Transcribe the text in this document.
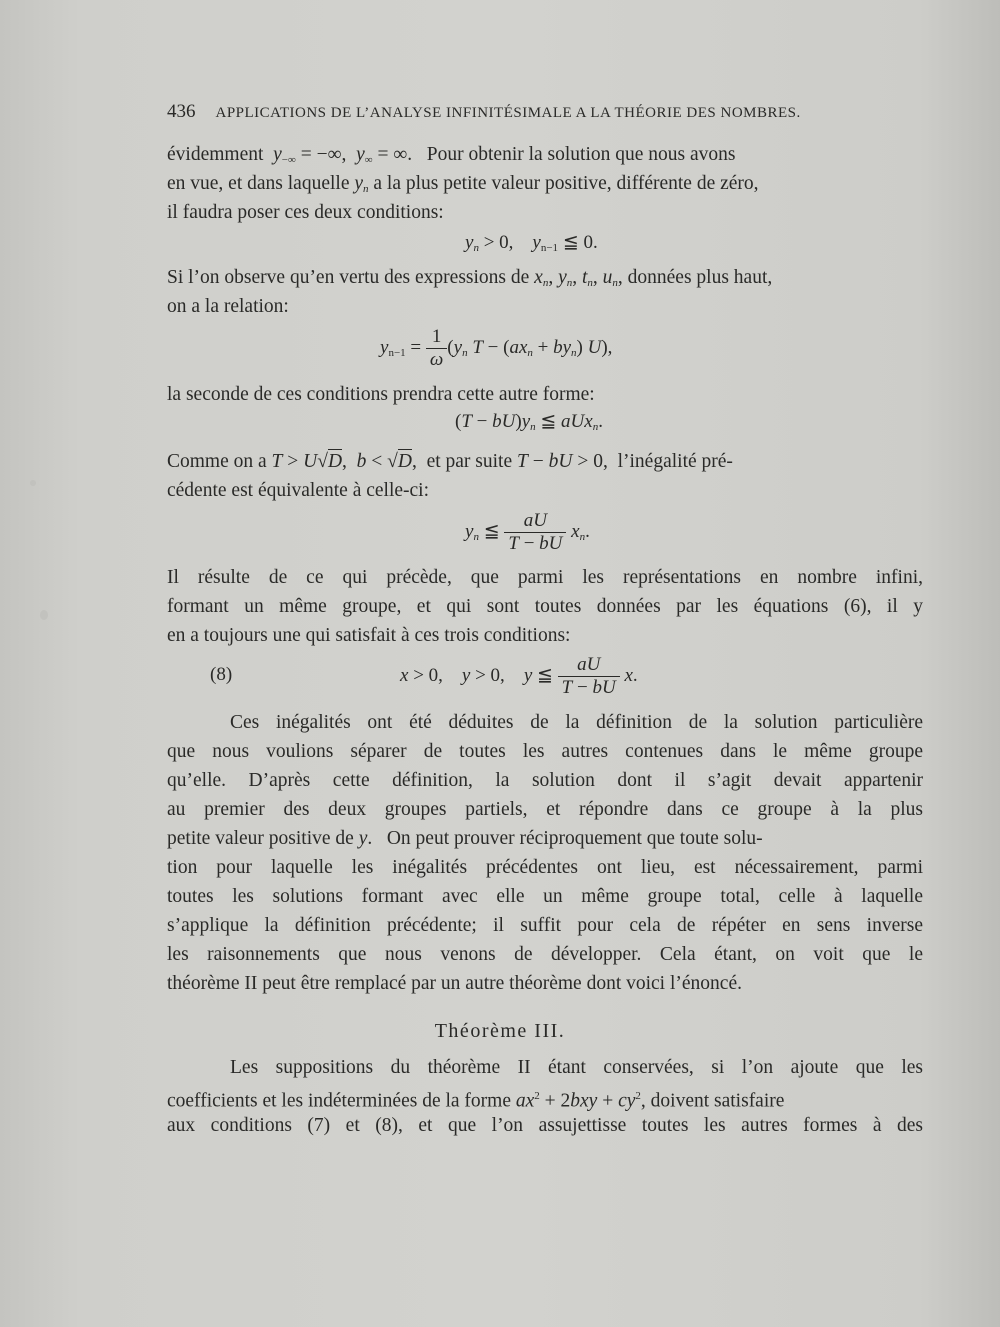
436 APPLICATIONS DE L’ANALYSE INFINITÉSIMALE A LA THÉORIE DES NOMBRES.
évidemment $y_{-\infty}$ = −∞,  $y_\infty$ = ∞.   Pour obtenir la solution que nous avons
en vue, et dans laquelle $y_n$ a la plus petite valeur positive, différente de zéro,
il faudra poser ces deux conditions:
$y_n > 0$,    $y_{n-1}$ ≦ 0.
Si l’on observe qu’en vertu des expressions de $x_n$, $y_n$, $t_n$, $u_n$, données plus haut,
on a la relation:
$y_{n-1} = \frac{1}{\omega} (y_n$ $T - (ax_n + by_n)$ U),
la seconde de ces conditions prendra cette autre forme:
$(T - bU)y_n$ ≦ aUx$_n$.
Comme on a T > U√D,  b < √D,  et par suite T − bU > 0,  l’inégalité pré-
cédente est équivalente à celle-ci:
$y_n$ ≦ $\frac{aU}{T - bU} x_n$.
Il résulte de ce qui précède, que parmi les représentations en nombre infini,
formant un même groupe, et qui sont toutes données par les équations (6), il y
en a toujours une qui satisfait à ces trois conditions:
(8)	x > 0,    y > 0,    y ≦ $\frac{aU}{T - bU} x$.
Ces inégalités ont été déduites de la définition de la solution particulière
que nous voulions séparer de toutes les autres contenues dans le même groupe
qu’elle. D’après cette définition, la solution dont il s’agit devait appartenir
au premier des deux groupes partiels, et répondre dans ce groupe à la plus
petite valeur positive de y.   On peut prouver réciproquement que toute solu-
tion pour laquelle les inégalités précédentes ont lieu, est nécessairement, parmi
toutes les solutions formant avec elle un même groupe total, celle à laquelle
s’applique la définition précédente; il suffit pour cela de répéter en sens inverse
les raisonnements que nous venons de développer. Cela étant, on voit que le
théorème II peut être remplacé par un autre théorème dont voici l’énoncé.
Théorème III.
Les suppositions du théorème II étant conservées, si l’on ajoute que les
coefficients et les indéterminées de la forme $ax^2 + 2bxy + cy^2$, doivent satisfaire
aux conditions (7) et (8), et que l’on assujettisse toutes les autres formes à des
